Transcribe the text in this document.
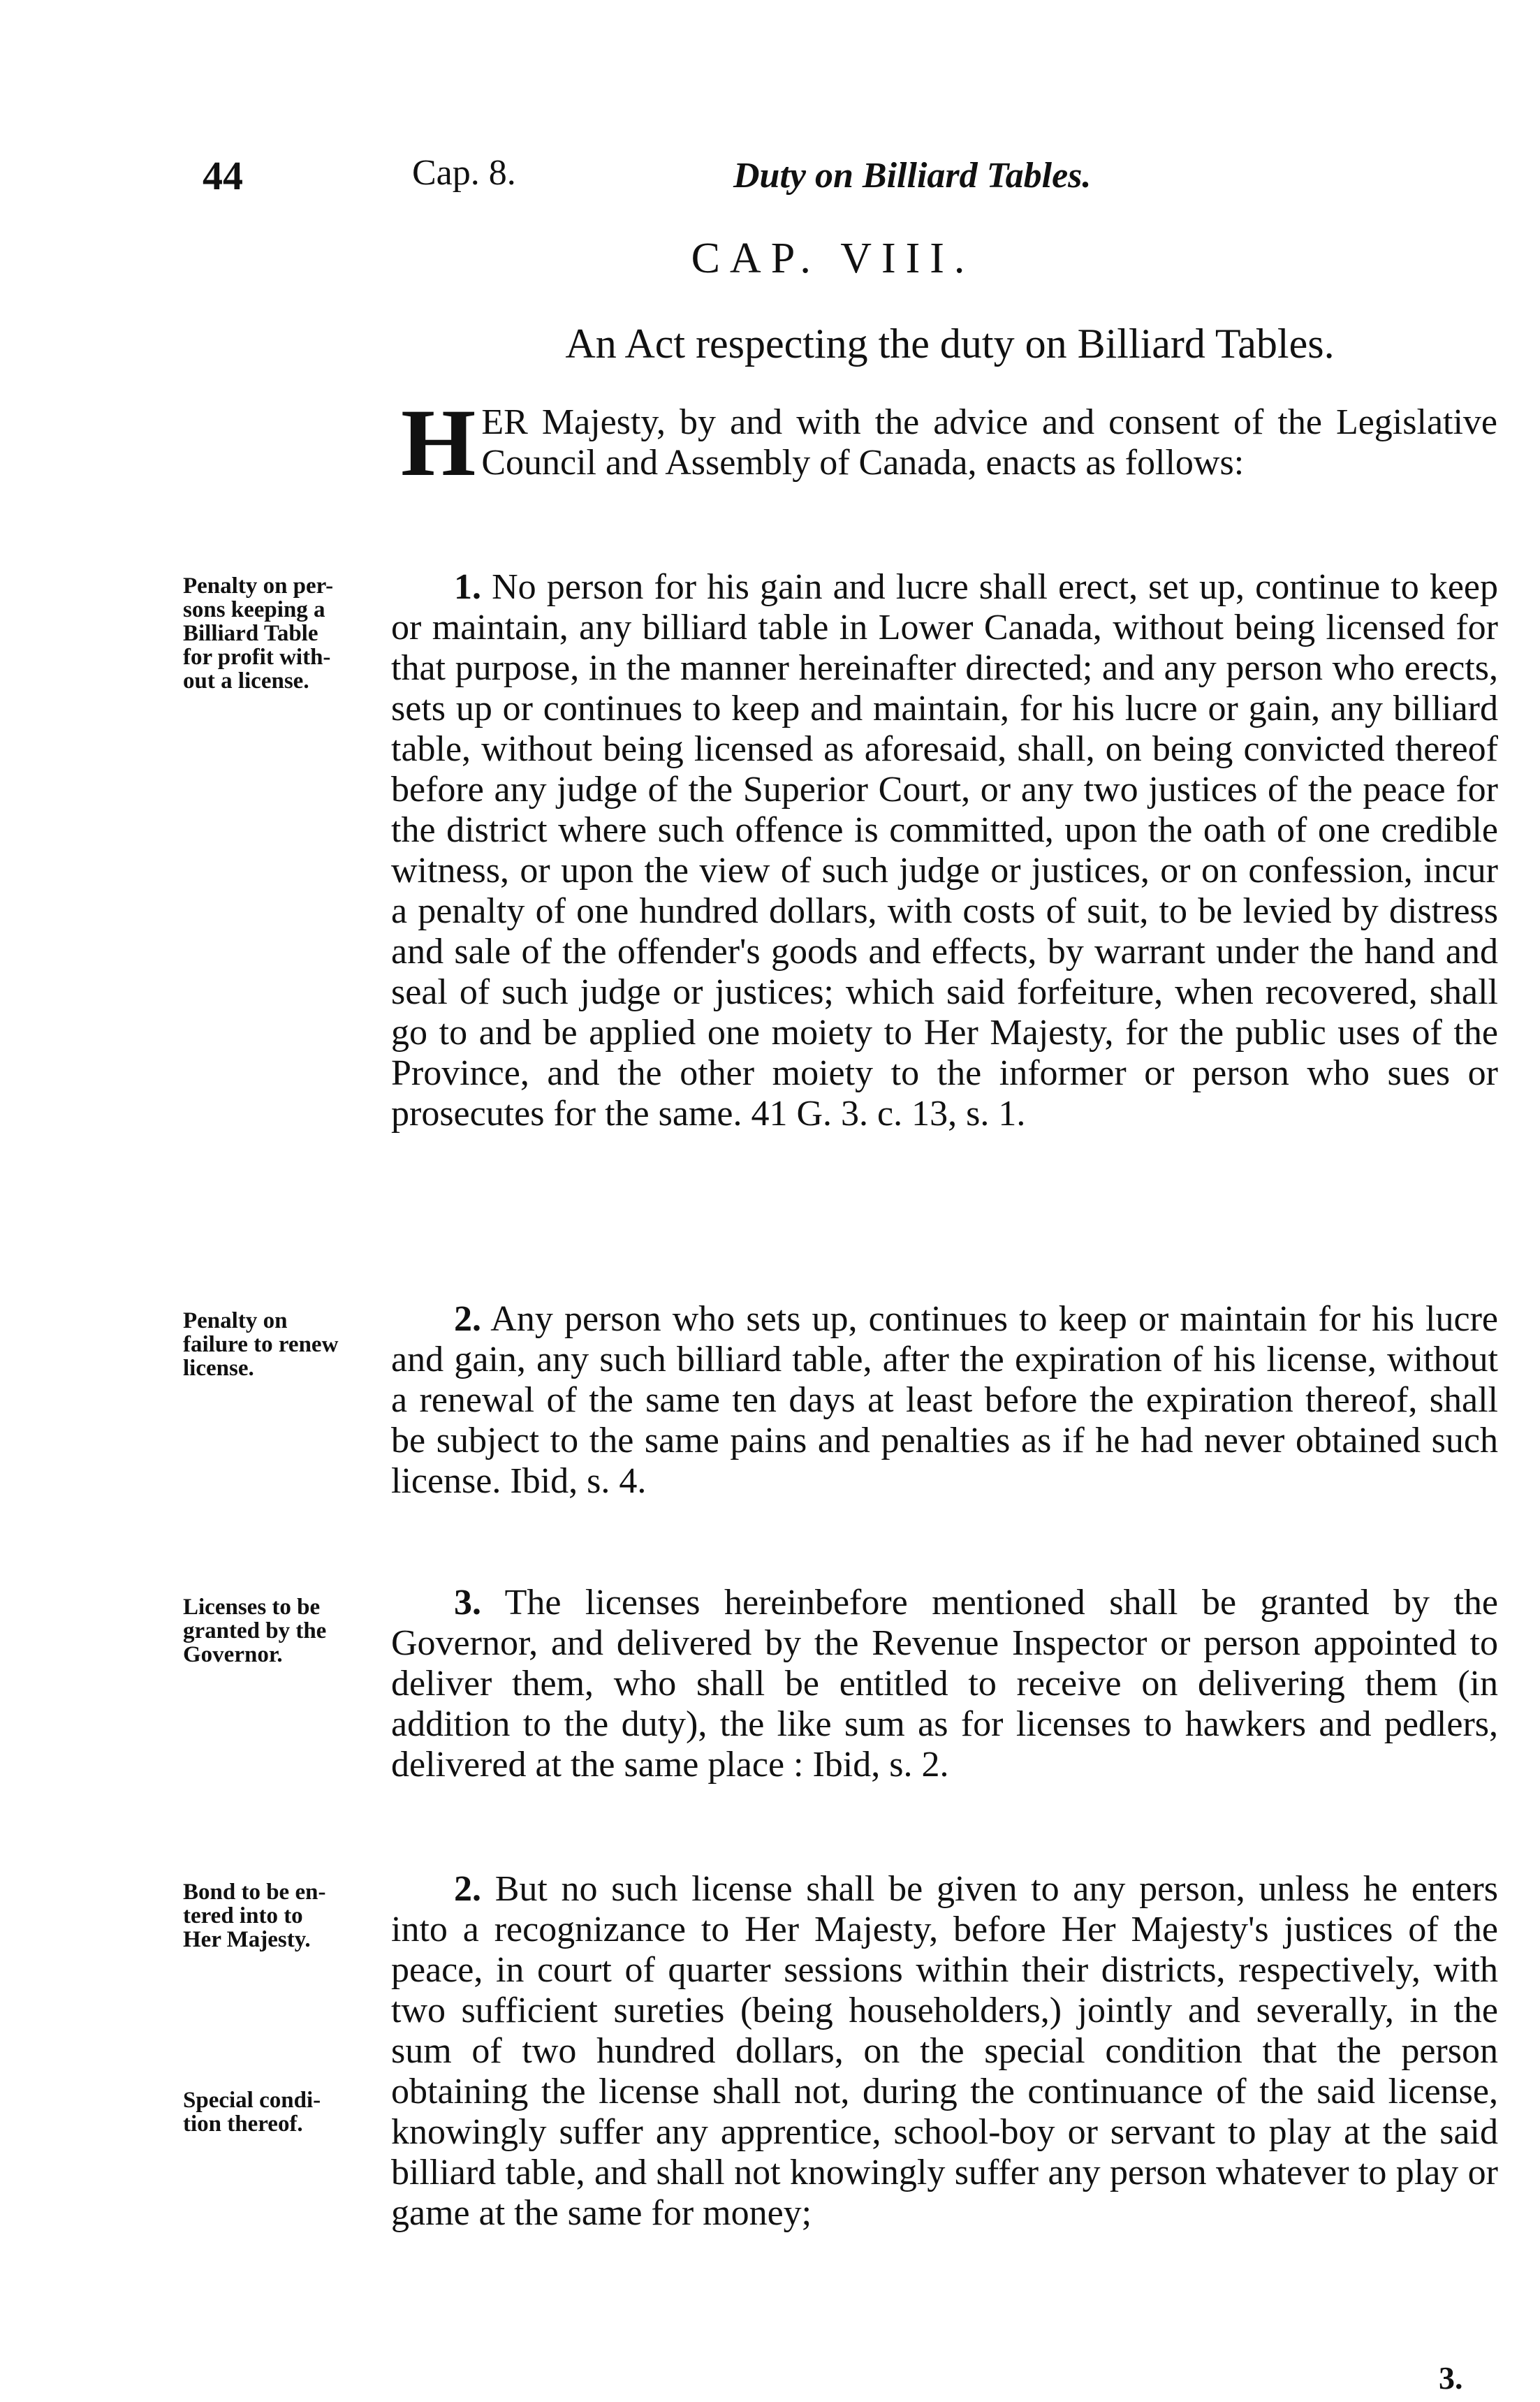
44	Cap. 8.	Duty on Billiard Tables.
CAP. VIII.
An Act respecting the duty on Billiard Tables.
H ER Majesty, by and with the advice and consent of the Legislative Council and Assembly of Canada, enacts as follows:
Penalty on per-
sons keeping a
Billiard Table
for profit with-
out a license.
1. No person for his gain and lucre shall erect, set up, continue to keep or maintain, any billiard table in Lower Canada, without being licensed for that purpose, in the manner hereinafter directed; and any person who erects, sets up or continues to keep and maintain, for his lucre or gain, any billiard table, without being licensed as aforesaid, shall, on being convicted thereof before any judge of the Superior Court, or any two justices of the peace for the district where such offence is committed, upon the oath of one credible witness, or upon the view of such judge or justices, or on confession, incur a penalty of one hundred dollars, with costs of suit, to be levied by distress and sale of the offender's goods and effects, by warrant under the hand and seal of such judge or justices; which said forfeiture, when recovered, shall go to and be applied one moiety to Her Majesty, for the public uses of the Province, and the other moiety to the informer or person who sues or prosecutes for the same. 41 G. 3. c. 13, s. 1.
Penalty on
failure to renew
license.
2. Any person who sets up, continues to keep or maintain for his lucre and gain, any such billiard table, after the expiration of his license, without a renewal of the same ten days at least before the expiration thereof, shall be subject to the same pains and penalties as if he had never obtained such license. Ibid, s. 4.
Licenses to be
granted by the
Governor.
3. The licenses hereinbefore mentioned shall be granted by the Governor, and delivered by the Revenue Inspector or person appointed to deliver them, who shall be entitled to receive on delivering them (in addition to the duty), the like sum as for licenses to hawkers and pedlers, delivered at the same place : Ibid, s. 2.
Bond to be en-
tered into to
Her Majesty.
Special condi-
tion thereof.
2. But no such license shall be given to any person, unless he enters into a recognizance to Her Majesty, before Her Majesty's justices of the peace, in court of quarter sessions within their districts, respectively, with two sufficient sureties (being householders,) jointly and severally, in the sum of two hundred dollars, on the special condition that the person obtaining the license shall not, during the continuance of the said license, knowingly suffer any apprentice, school-boy or servant to play at the said billiard table, and shall not knowingly suffer any person whatever to play or game at the same for money;
3.
